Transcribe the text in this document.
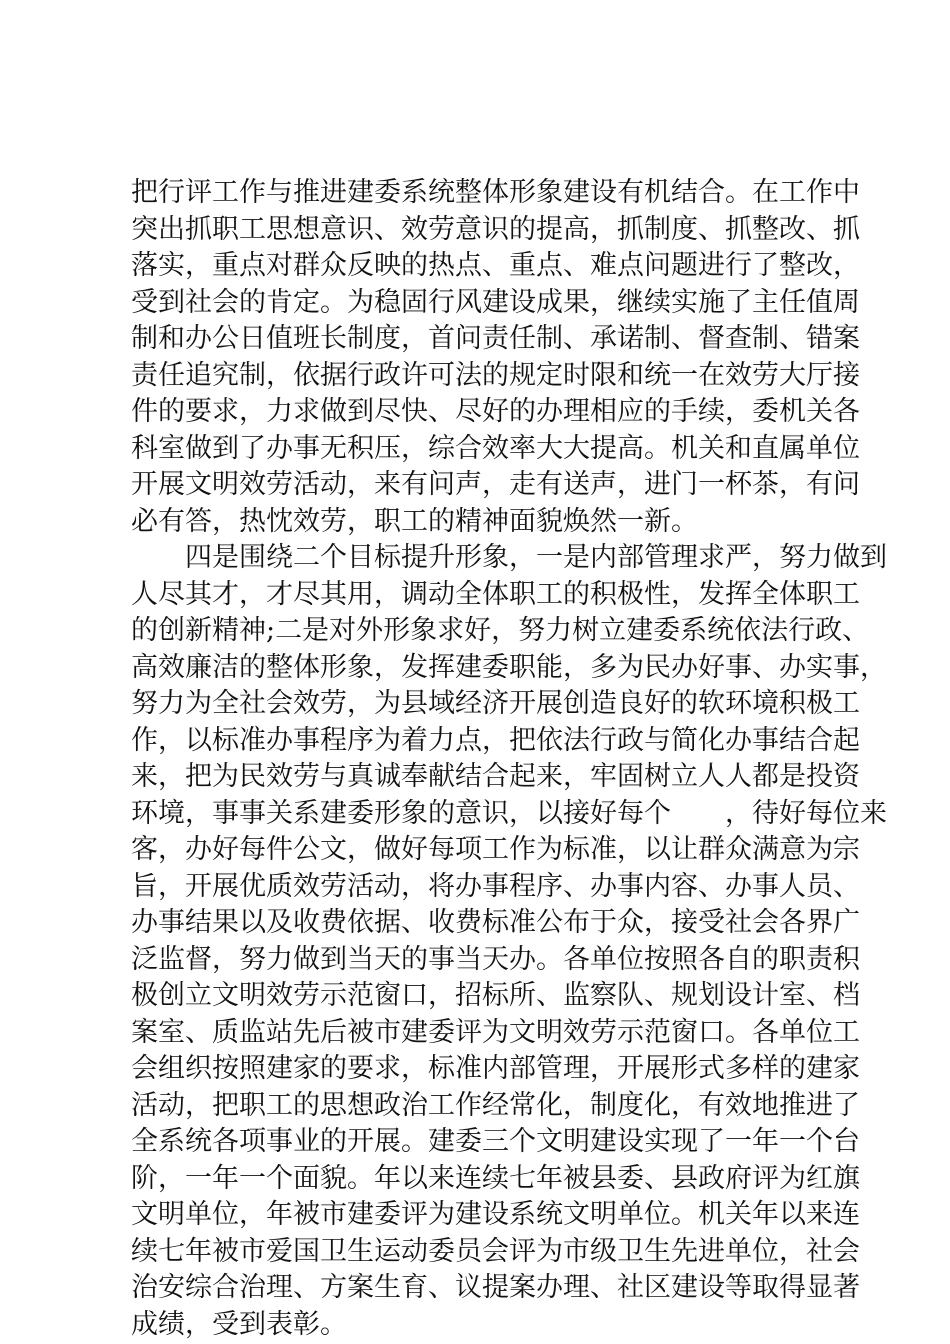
把行评工作与推进建委系统整体形象建设有机结合。在工作中
突出抓职工思想意识、效劳意识的提高，抓制度、抓整改、抓
落实，重点对群众反映的热点、重点、难点问题进行了整改，
受到社会的肯定。为稳固行风建设成果，继续实施了主任值周
制和办公日值班长制度，首问责任制、承诺制、督查制、错案
责任追究制，依据行政许可法的规定时限和统一在效劳大厅接
件的要求，力求做到尽快、尽好的办理相应的手续，委机关各
科室做到了办事无积压，综合效率大大提高。机关和直属单位
开展文明效劳活动，来有问声，走有送声，进门一杯茶，有问
必有答，热忱效劳，职工的精神面貌焕然一新。
四是围绕二个目标提升形象，一是内部管理求严，努力做到
人尽其才，才尽其用，调动全体职工的积极性，发挥全体职工
的创新精神;二是对外形象求好，努力树立建委系统依法行政、
高效廉洁的整体形象，发挥建委职能，多为民办好事、办实事，
努力为全社会效劳，为县域经济开展创造良好的软环境积极工
作，以标准办事程序为着力点，把依法行政与简化办事结合起
来，把为民效劳与真诚奉献结合起来，牢固树立人人都是投资
环境，事事关系建委形象的意识，以接好每个　　，待好每位来
客，办好每件公文，做好每项工作为标准，以让群众满意为宗
旨，开展优质效劳活动，将办事程序、办事内容、办事人员、
办事结果以及收费依据、收费标准公布于众，接受社会各界广
泛监督，努力做到当天的事当天办。各单位按照各自的职责积
极创立文明效劳示范窗口，招标所、监察队、规划设计室、档
案室、质监站先后被市建委评为文明效劳示范窗口。各单位工
会组织按照建家的要求，标准内部管理，开展形式多样的建家
活动，把职工的思想政治工作经常化，制度化，有效地推进了
全系统各项事业的开展。建委三个文明建设实现了一年一个台
阶，一年一个面貌。年以来连续七年被县委、县政府评为红旗
文明单位，年被市建委评为建设系统文明单位。机关年以来连
续七年被市爱国卫生运动委员会评为市级卫生先进单位，社会
治安综合治理、方案生育、议提案办理、社区建设等取得显著
成绩，受到表彰。
